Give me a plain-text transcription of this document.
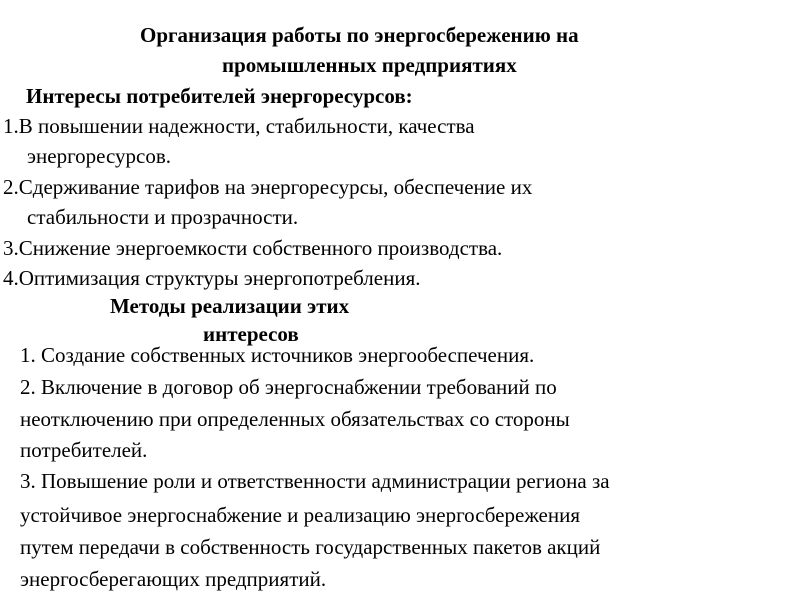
Организация работы по энергосбережению на
промышленных предприятиях
Интересы потребителей энергоресурсов:
1.В повышении надежности, стабильности, качества
энергоресурсов.
2.Сдерживание тарифов на энергоресурсы, обеспечение их
стабильности и прозрачности.
3.Снижение энергоемкости собственного производства.
4.Оптимизация структуры энергопотребления.
Методы реализации этих
интересов
1. Создание собственных источников энергообеспечения.
2. Включение в договор об энергоснабжении требований по
неотключению при определенных обязательствах со стороны
потребителей.
3. Повышение роли и ответственности администрации региона за
устойчивое энергоснабжение и реализацию энергосбережения
путем передачи в собственность государственных пакетов акций
энергосберегающих предприятий.
